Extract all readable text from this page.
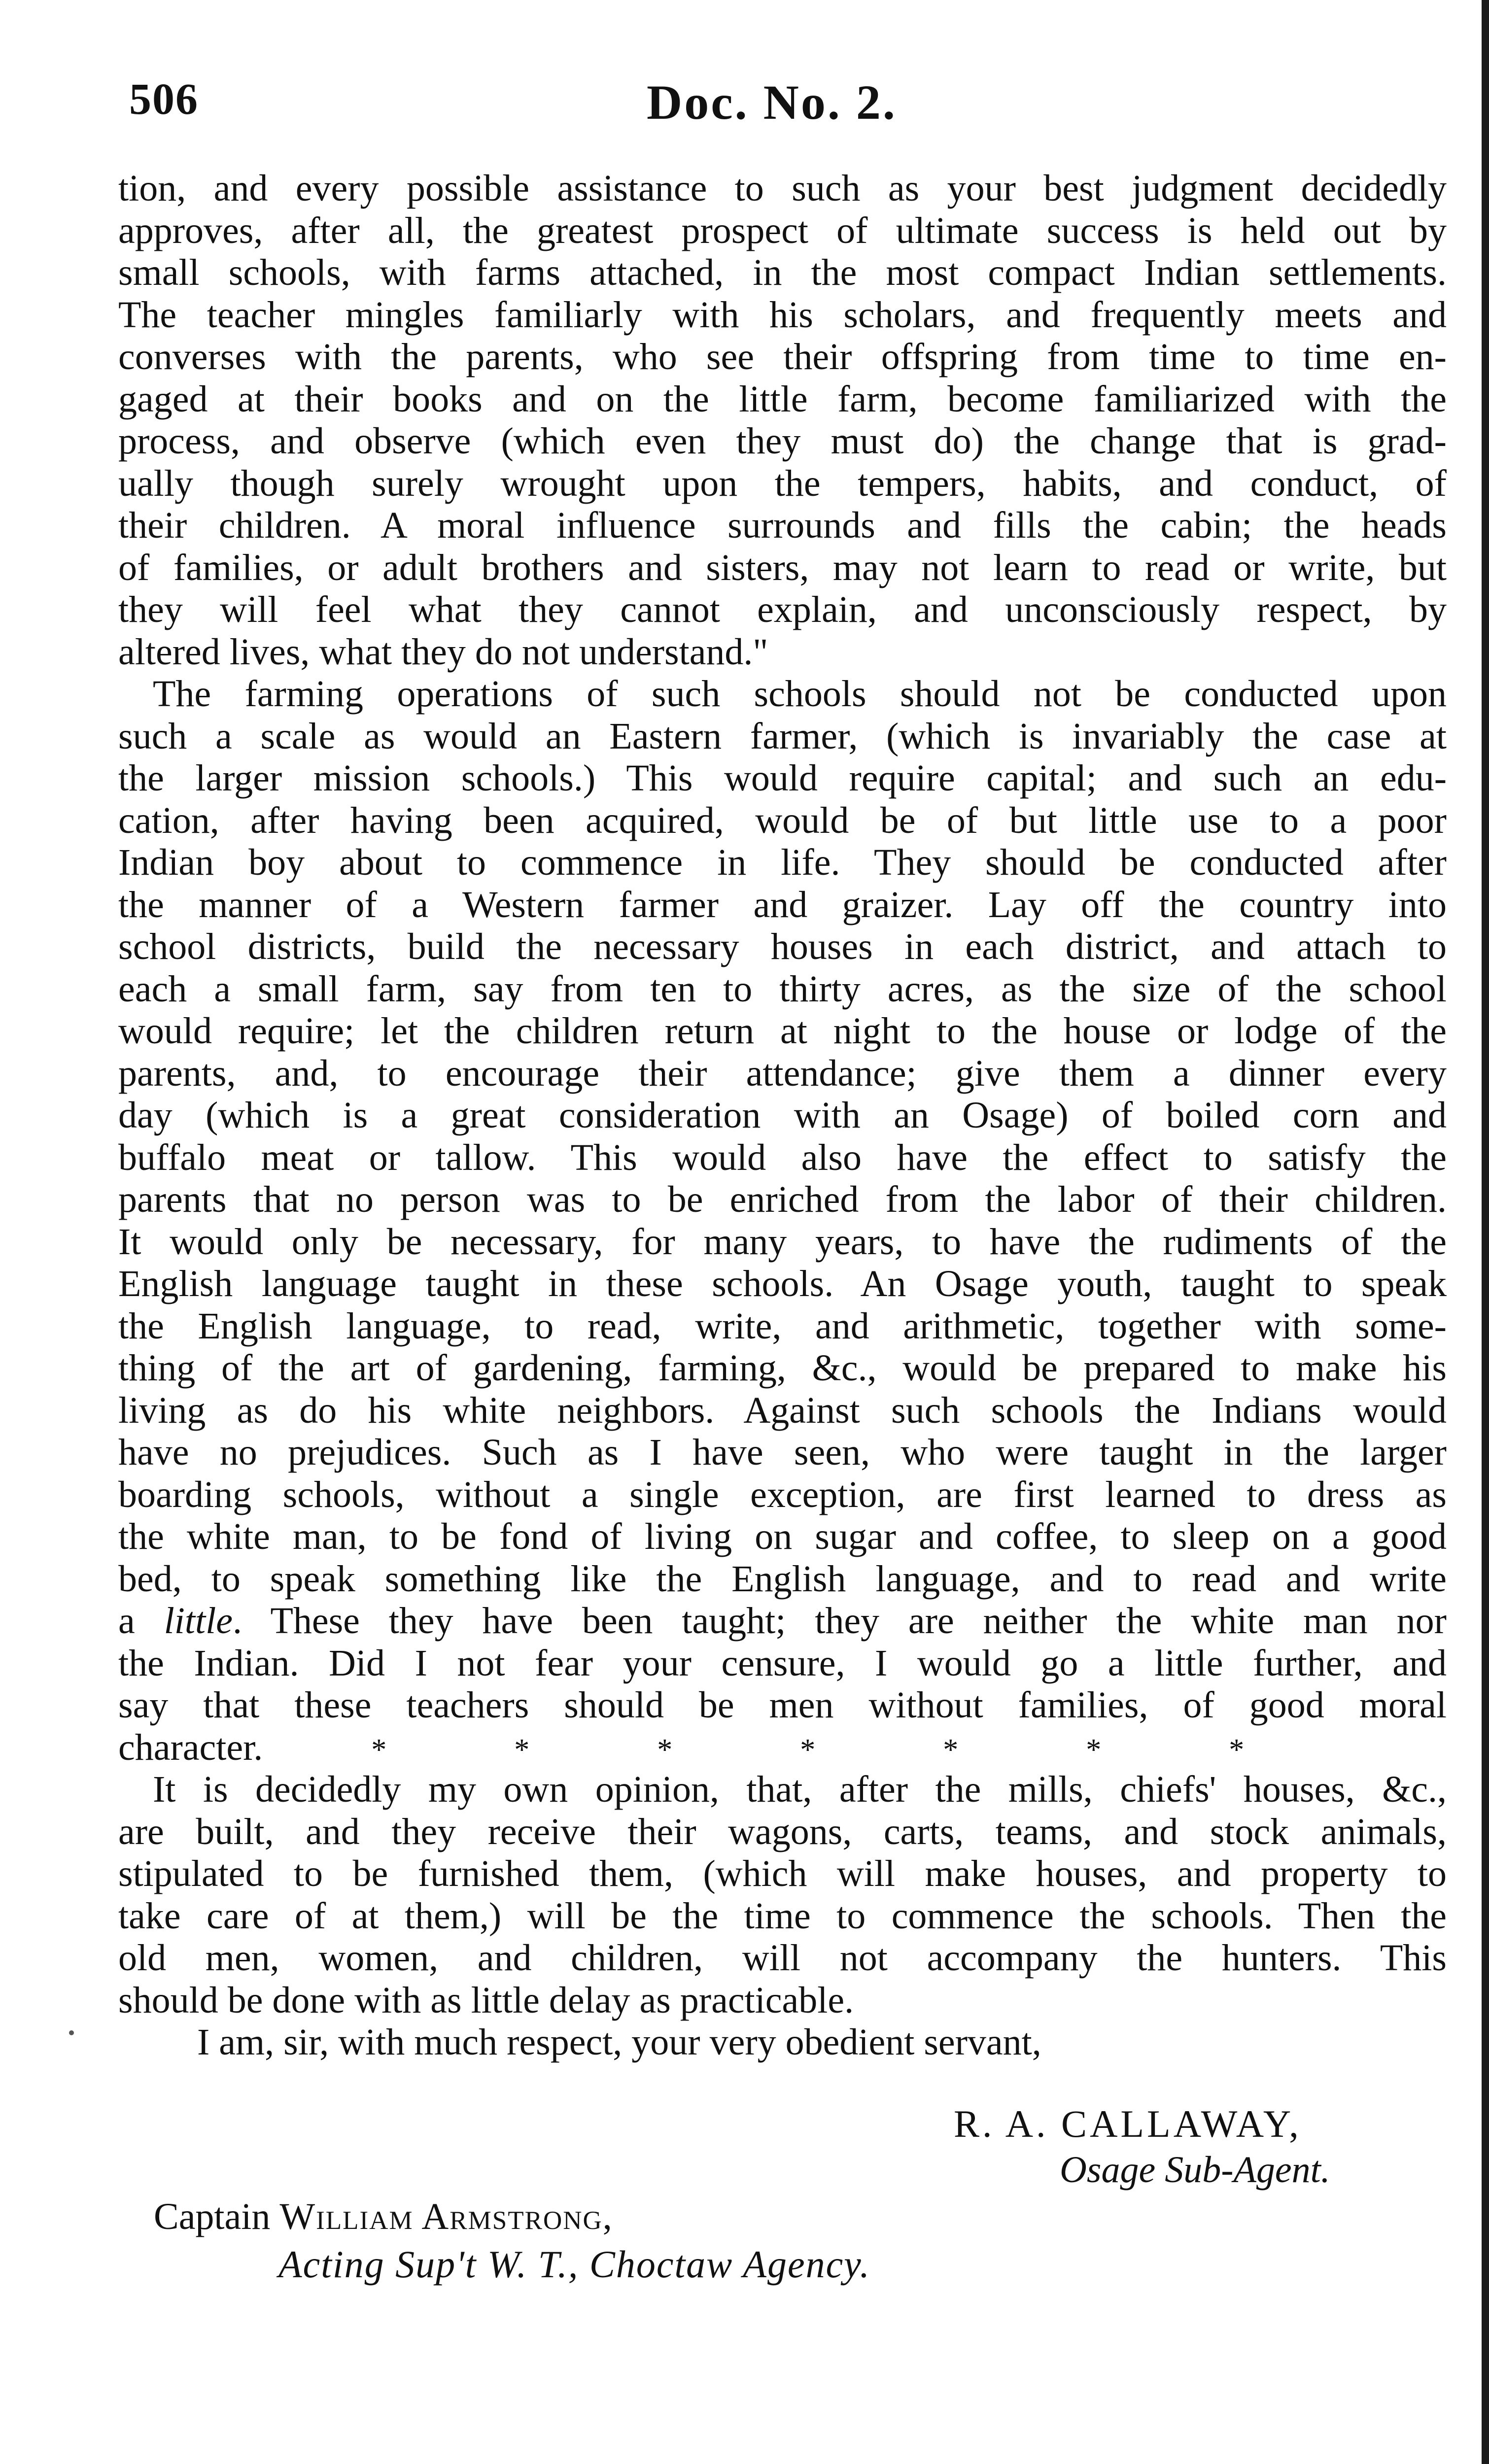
506	Doc. No. 2.
tion, and every possible assistance to such as your best judgment decidedly
approves, after all, the greatest prospect of ultimate success is held out by
small schools, with farms attached, in the most compact Indian settlements.
The teacher mingles familiarly with his scholars, and frequently meets and
converses with the parents, who see their offspring from time to time en-
gaged at their books and on the little farm, become familiarized with the
process, and observe (which even they must do) the change that is grad-
ually though surely wrought upon the tempers, habits, and conduct, of
their children. A moral influence surrounds and fills the cabin; the heads
of families, or adult brothers and sisters, may not learn to read or write, but
they will feel what they cannot explain, and unconsciously respect, by
altered lives, what they do not understand."
The farming operations of such schools should not be conducted upon
such a scale as would an Eastern farmer, (which is invariably the case at
the larger mission schools.) This would require capital; and such an edu-
cation, after having been acquired, would be of but little use to a poor
Indian boy about to commence in life. They should be conducted after
the manner of a Western farmer and graizer. Lay off the country into
school districts, build the necessary houses in each district, and attach to
each a small farm, say from ten to thirty acres, as the size of the school
would require; let the children return at night to the house or lodge of the
parents, and, to encourage their attendance; give them a dinner every
day (which is a great consideration with an Osage) of boiled corn and
buffalo meat or tallow. This would also have the effect to satisfy the
parents that no person was to be enriched from the labor of their children.
It would only be necessary, for many years, to have the rudiments of the
English language taught in these schools. An Osage youth, taught to speak
the English language, to read, write, and arithmetic, together with some-
thing of the art of gardening, farming, &c., would be prepared to make his
living as do his white neighbors. Against such schools the Indians would
have no prejudices. Such as I have seen, who were taught in the larger
boarding schools, without a single exception, are first learned to dress as
the white man, to be fond of living on sugar and coffee, to sleep on a good
bed, to speak something like the English language, and to read and write
a little. These they have been taught; they are neither the white man nor
the Indian. Did I not fear your censure, I would go a little further, and
say that these teachers should be men without families, of good moral
character.	*	*	*	*	*	*	*
It is decidedly my own opinion, that, after the mills, chiefs' houses, &c.,
are built, and they receive their wagons, carts, teams, and stock animals,
stipulated to be furnished them, (which will make houses, and property to
take care of at them,) will be the time to commence the schools. Then the
old men, women, and children, will not accompany the hunters. This
should be done with as little delay as practicable.
I am, sir, with much respect, your very obedient servant,
R. A. CALLAWAY,
Osage Sub-Agent.
Captain William Armstrong,
Acting Sup't W. T., Choctaw Agency.
